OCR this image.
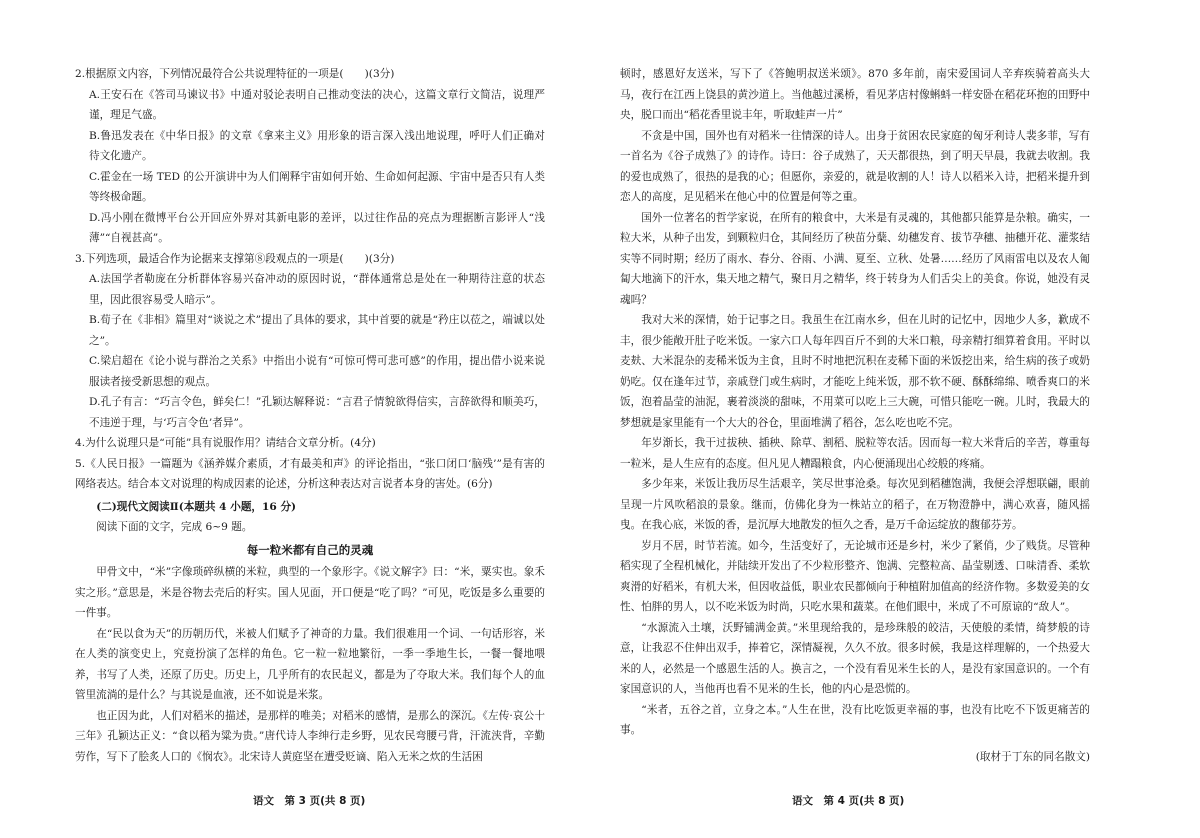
2.根据原文内容，下列情况最符合公共说理特征的一项是(　　)(3分)

A.王安石在《答司马谏议书》中通对驳论表明自己推动变法的决心，这篇文章行文简洁，说理严谨，理足气盛。

B.鲁迅发表在《中华日报》的文章《拿来主义》用形象的语言深入浅出地说理，呼吁人们正确对待文化遗产。

C.霍金在一场 TED 的公开演讲中为人们阐释宇宙如何开始、生命如何起源、宇宙中是否只有人类等终极命题。

D.冯小刚在微博平台公开回应外界对其新电影的差评，以过往作品的亮点为理据断言影评人“浅薄”“自视甚高”。

3.下列选项，最适合作为论据来支撑第⑧段观点的一项是(　　)(3分)

A.法国学者勒庞在分析群体容易兴奋冲动的原因时说，“群体通常总是处在一种期待注意的状态里，因此很容易受人暗示”。

B.荀子在《非相》篇里对“谈说之术”提出了具体的要求，其中首要的就是“矜庄以莅之，端诚以处之”。

C.梁启超在《论小说与群治之关系》中指出小说有“可惊可愕可悲可感”的作用，提出借小说来说服读者接受新思想的观点。

D.孔子有言：“巧言令色，鲜矣仁！”孔颖达解释说：“言君子情貌欲得信实，言辞欲得和顺美巧，不违逆于理，与‘巧言令色’者异”。

4.为什么说理只是“可能”具有说服作用？请结合文章分析。(4分)

5.《人民日报》一篇题为《涵养媒介素质，才有最美和声》的评论指出，“张口闭口‘脑残’”是有害的网络表达。结合本文对说理的构成因素的论述，分析这种表达对言说者本身的害处。(6分)

(二)现代文阅读Ⅱ(本题共 4 小题，16 分)

阅读下面的文字，完成 6~9 题。

每一粒米都有自己的灵魂

甲骨文中，“米”字像琐碎纵横的米粒，典型的一个象形字。《说文解字》曰：“米，粟实也。象禾实之形。”意思是，米是谷物去壳后的籽实。国人见面，开口便是“吃了吗？”可见，吃饭是多么重要的一件事。

在“民以食为天”的历朝历代，米被人们赋予了神奇的力量。我们很难用一个词、一句话形容，米在人类的演变史上，究竟扮演了怎样的角色。它一粒一粒地繁衍，一季一季地生长，一餐一餐地喂养，书写了人类，还原了历史。历史上，几乎所有的农民起义，都是为了夺取大米。我们每个人的血管里流淌的是什么？与其说是血液，还不如说是米浆。

也正因为此，人们对稻米的描述，是那样的唯美；对稻米的感情，是那么的深沉。《左传·哀公十三年》孔颖达正义：“食以稻为粱为贵。”唐代诗人李绅行走乡野，见农民弯腰弓背，汗流浃背，辛勤劳作，写下了脍炙人口的《悯农》。北宋诗人黄庭坚在遭受贬谪、陷入无米之炊的生活困

顿时，感恩好友送米，写下了《答鲍明叔送米颂》。870 多年前，南宋爱国词人辛弃疾骑着高头大马，夜行在江西上饶县的黄沙道上。当他越过溪桥，看见茅店村像蝌蚪一样安卧在稻花环抱的田野中央，脱口而出“稻花香里说丰年，听取蛙声一片”

不贪是中国，国外也有对稻米一往情深的诗人。出身于贫困农民家庭的匈牙利诗人裴多菲，写有一首名为《谷子成熟了》的诗作。诗曰：谷子成熟了，天天都很热，到了明天早晨，我就去收割。我的爱也成熟了，很热的是我的心；但愿你，亲爱的，就是收割的人！诗人以稻米入诗，把稻米提升到恋人的高度，足见稻米在他心中的位置是何等之重。

国外一位著名的哲学家说，在所有的粮食中，大米是有灵魂的，其他都只能算是杂粮。确实，一粒大米，从种子出发，到颗粒归仓，其间经历了秧苗分蘖、幼穗发育、拔节孕穗、抽穗开花、灌浆结实等不同时期；经历了雨水、春分、谷雨、小满、夏至、立秋、处暑……经历了风雨雷电以及农人匍匐大地滴下的汗水，集天地之精气，聚日月之精华，终于转身为人们舌尖上的美食。你说，她没有灵魂吗？

我对大米的深情，始于记事之日。我虽生在江南水乡，但在儿时的记忆中，因地少人多，歉成不丰，很少能敞开肚子吃米饭。一家六口人每年四百斤不到的大米口粮，母亲精打细算着食用。平时以麦麸、大米混杂的麦稀米饭为主食，且时不时地把沉积在麦稀下面的米饭挖出来，给生病的孩子或奶奶吃。仅在逢年过节，亲戚登门或生病时，才能吃上纯米饭，那不软不硬、酥酥绵绵、喷香爽口的米饭，泡着晶莹的油泥，裹着淡淡的甜味，不用菜可以吃上三大碗，可惜只能吃一碗。儿时，我最大的梦想就是家里能有一个大大的谷仓，里面堆满了稻谷，怎么吃也吃不完。

年岁渐长，我干过拔秧、插秧、除草、割稻、脱粒等农活。因而每一粒大米背后的辛苦，尊重每一粒米，是人生应有的态度。但凡见人糟蹋粮食，内心便涌现出心绞般的疼痛。

多少年来，米饭让我历尽生活艰辛，笑尽世事沧桑。每次见到稻穗饱满，我便会浮想联翩，眼前呈现一片风吹稻浪的景象。继而，仿佛化身为一株站立的稻子，在万物澄静中，满心欢喜，随风摇曳。在我心底，米饭的香，是沉厚大地散发的恒久之香，是万千命运绽放的馥郁芬芳。

岁月不居，时节若流。如今，生活变好了，无论城市还是乡村，米少了紧俏，少了贱货。尽管种稻实现了全程机械化，并陆续开发出了不少粒形整齐、饱满、完整粒高、晶莹剔透、口味清香、柔软爽滑的好稻米，有机大米，但因收益低，职业农民都倾向于种植附加值高的经济作物。多数爱美的女性、怕胖的男人，以不吃米饭为时尚，只吃水果和蔬菜。在他们眼中，米成了不可原谅的“敌人”。

“水源流入土壤，沃野铺满金黄。”米里现给我的，是珍珠般的皎洁，天使般的柔情，绮梦般的诗意，让我忍不住伸出双手，捧着它，深情凝视，久久不放。很多时候，我是这样理解的，一个热爱大米的人，必然是一个感恩生活的人。换言之，一个没有看见米生长的人，是没有家国意识的。一个有家国意识的人，当他再也看不见米的生长，他的内心是恐慌的。

“米者，五谷之首，立身之本。”人生在世，没有比吃饭更幸福的事，也没有比吃不下饭更痛苦的事。

(取材于丁东的同名散文)

语文　第 3 页(共 8 页)	语文　第 4 页(共 8 页)
